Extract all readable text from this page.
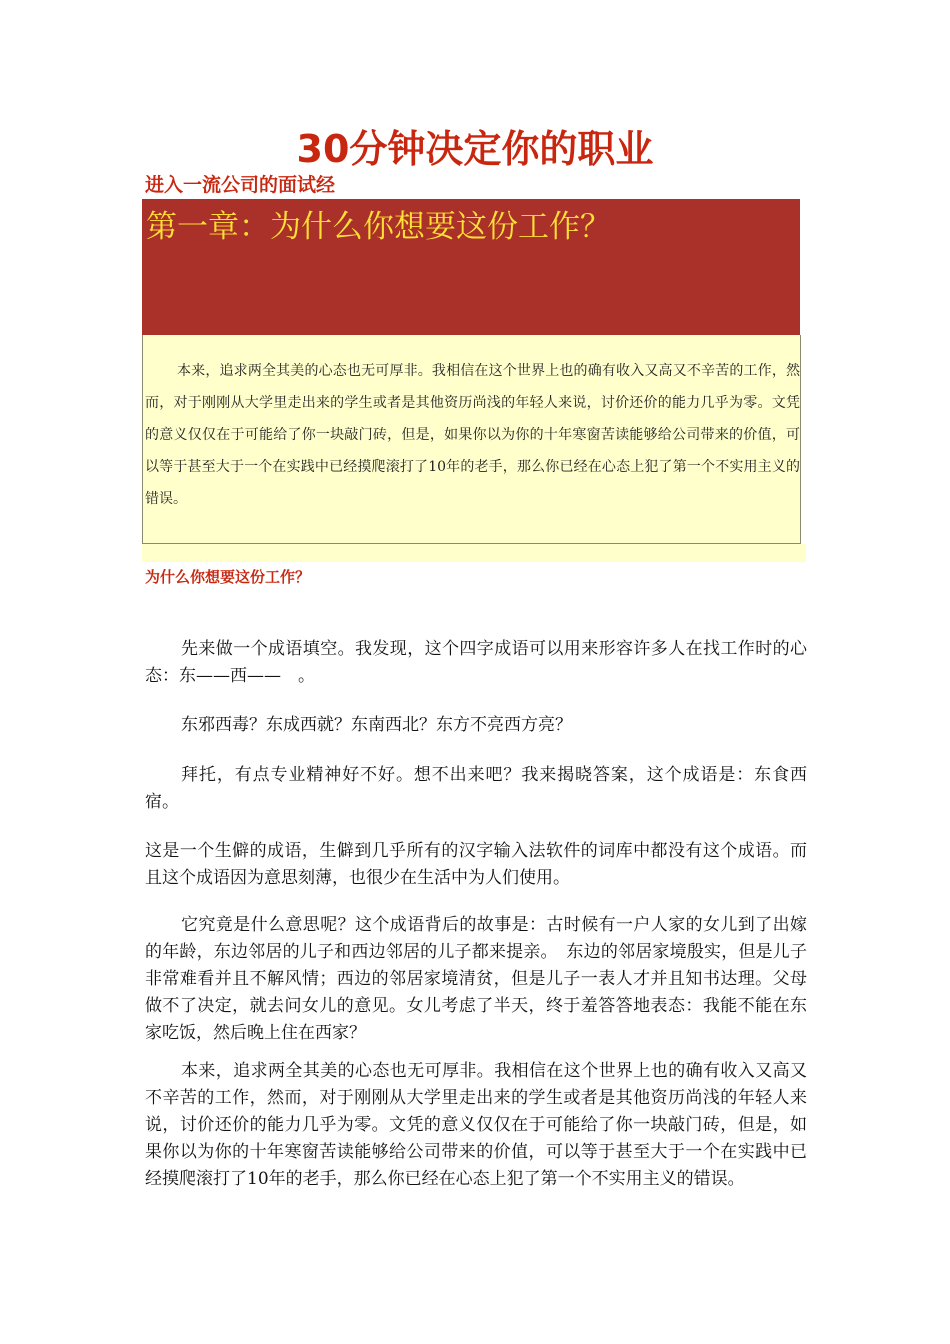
30分钟决定你的职业

进入一流公司的面试经

第一章：为什么你想要这份工作？

本来，追求两全其美的心态也无可厚非。我相信在这个世界上也的确有收入又高又不辛苦的工作，然而，对于刚刚从大学里走出来的学生或者是其他资历尚浅的年轻人来说，讨价还价的能力几乎为零。文凭的意义仅仅在于可能给了你一块敲门砖，但是，如果你以为你的十年寒窗苦读能够给公司带来的价值，可以等于甚至大于一个在实践中已经摸爬滚打了10年的老手，那么你已经在心态上犯了第一个不实用主义的错误。

为什么你想要这份工作？

先来做一个成语填空。我发现，这个四字成语可以用来形容许多人在找工作时的心态：东——西——　。

东邪西毒？东成西就？东南西北？东方不亮西方亮？

拜托，有点专业精神好不好。想不出来吧？我来揭晓答案，这个成语是：东食西宿。

这是一个生僻的成语，生僻到几乎所有的汉字输入法软件的词库中都没有这个成语。而且这个成语因为意思刻薄，也很少在生活中为人们使用。

它究竟是什么意思呢？这个成语背后的故事是：古时候有一户人家的女儿到了出嫁的年龄，东边邻居的儿子和西边邻居的儿子都来提亲。　东边的邻居家境殷实，但是儿子非常难看并且不解风情；西边的邻居家境清贫，但是儿子一表人才并且知书达理。父母做不了决定，就去问女儿的意见。女儿考虑了半天，终于羞答答地表态：我能不能在东家吃饭，然后晚上住在西家？

本来，追求两全其美的心态也无可厚非。我相信在这个世界上也的确有收入又高又不辛苦的工作，然而，对于刚刚从大学里走出来的学生或者是其他资历尚浅的年轻人来说，讨价还价的能力几乎为零。文凭的意义仅仅在于可能给了你一块敲门砖，但是，如果你以为你的十年寒窗苦读能够给公司带来的价值，可以等于甚至大于一个在实践中已经摸爬滚打了10年的老手，那么你已经在心态上犯了第一个不实用主义的错误。
